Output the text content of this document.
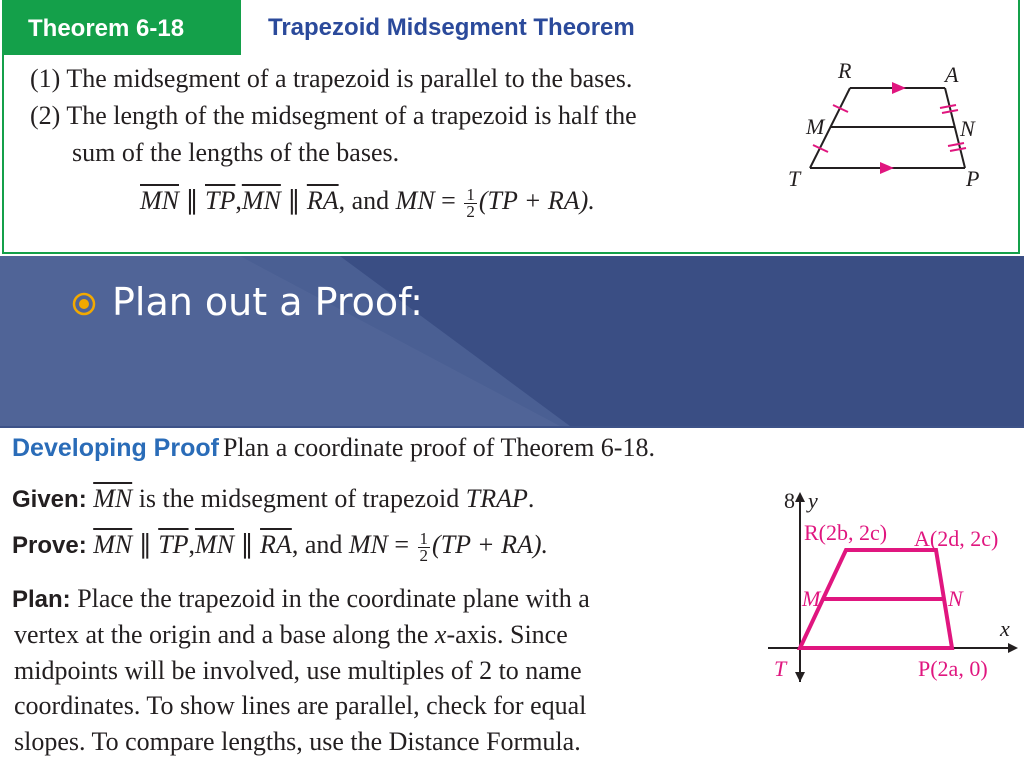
Theorem 6-18	Trapezoid Midsegment Theorem
(1) The midsegment of a trapezoid is parallel to the bases.
(2) The length of the midsegment of a trapezoid is half the
sum of the lengths of the bases.
$\overline{MN}$ ∥ $\overline{TP},\overline{MN}$ ∥ $\overline{RA}$, and MN = $\frac{1}{2} (TP + RA)$.
R	A
M	N
T	P
Plan out a Proof:
Developing Proof Plan a coordinate proof of Theorem 6-18.
Given: $\overline{MN}$ is the midsegment of trapezoid TRAP.
Prove: $\overline{MN}$ ∥ $\overline{TP},\overline{MN}$ ∥ $\overline{RA}$, and MN = $\frac{1}{2} (TP + RA)$.
Plan: Place the trapezoid in the coordinate plane with a
vertex at the origin and a base along the x-axis. Since
midpoints will be involved, use multiples of 2 to name
coordinates. To show lines are parallel, check for equal
slopes. To compare lengths, use the Distance Formula.
8 y
x
R(2b, 2c) A(2d, 2c)
M	N
T	P(2a, 0)
